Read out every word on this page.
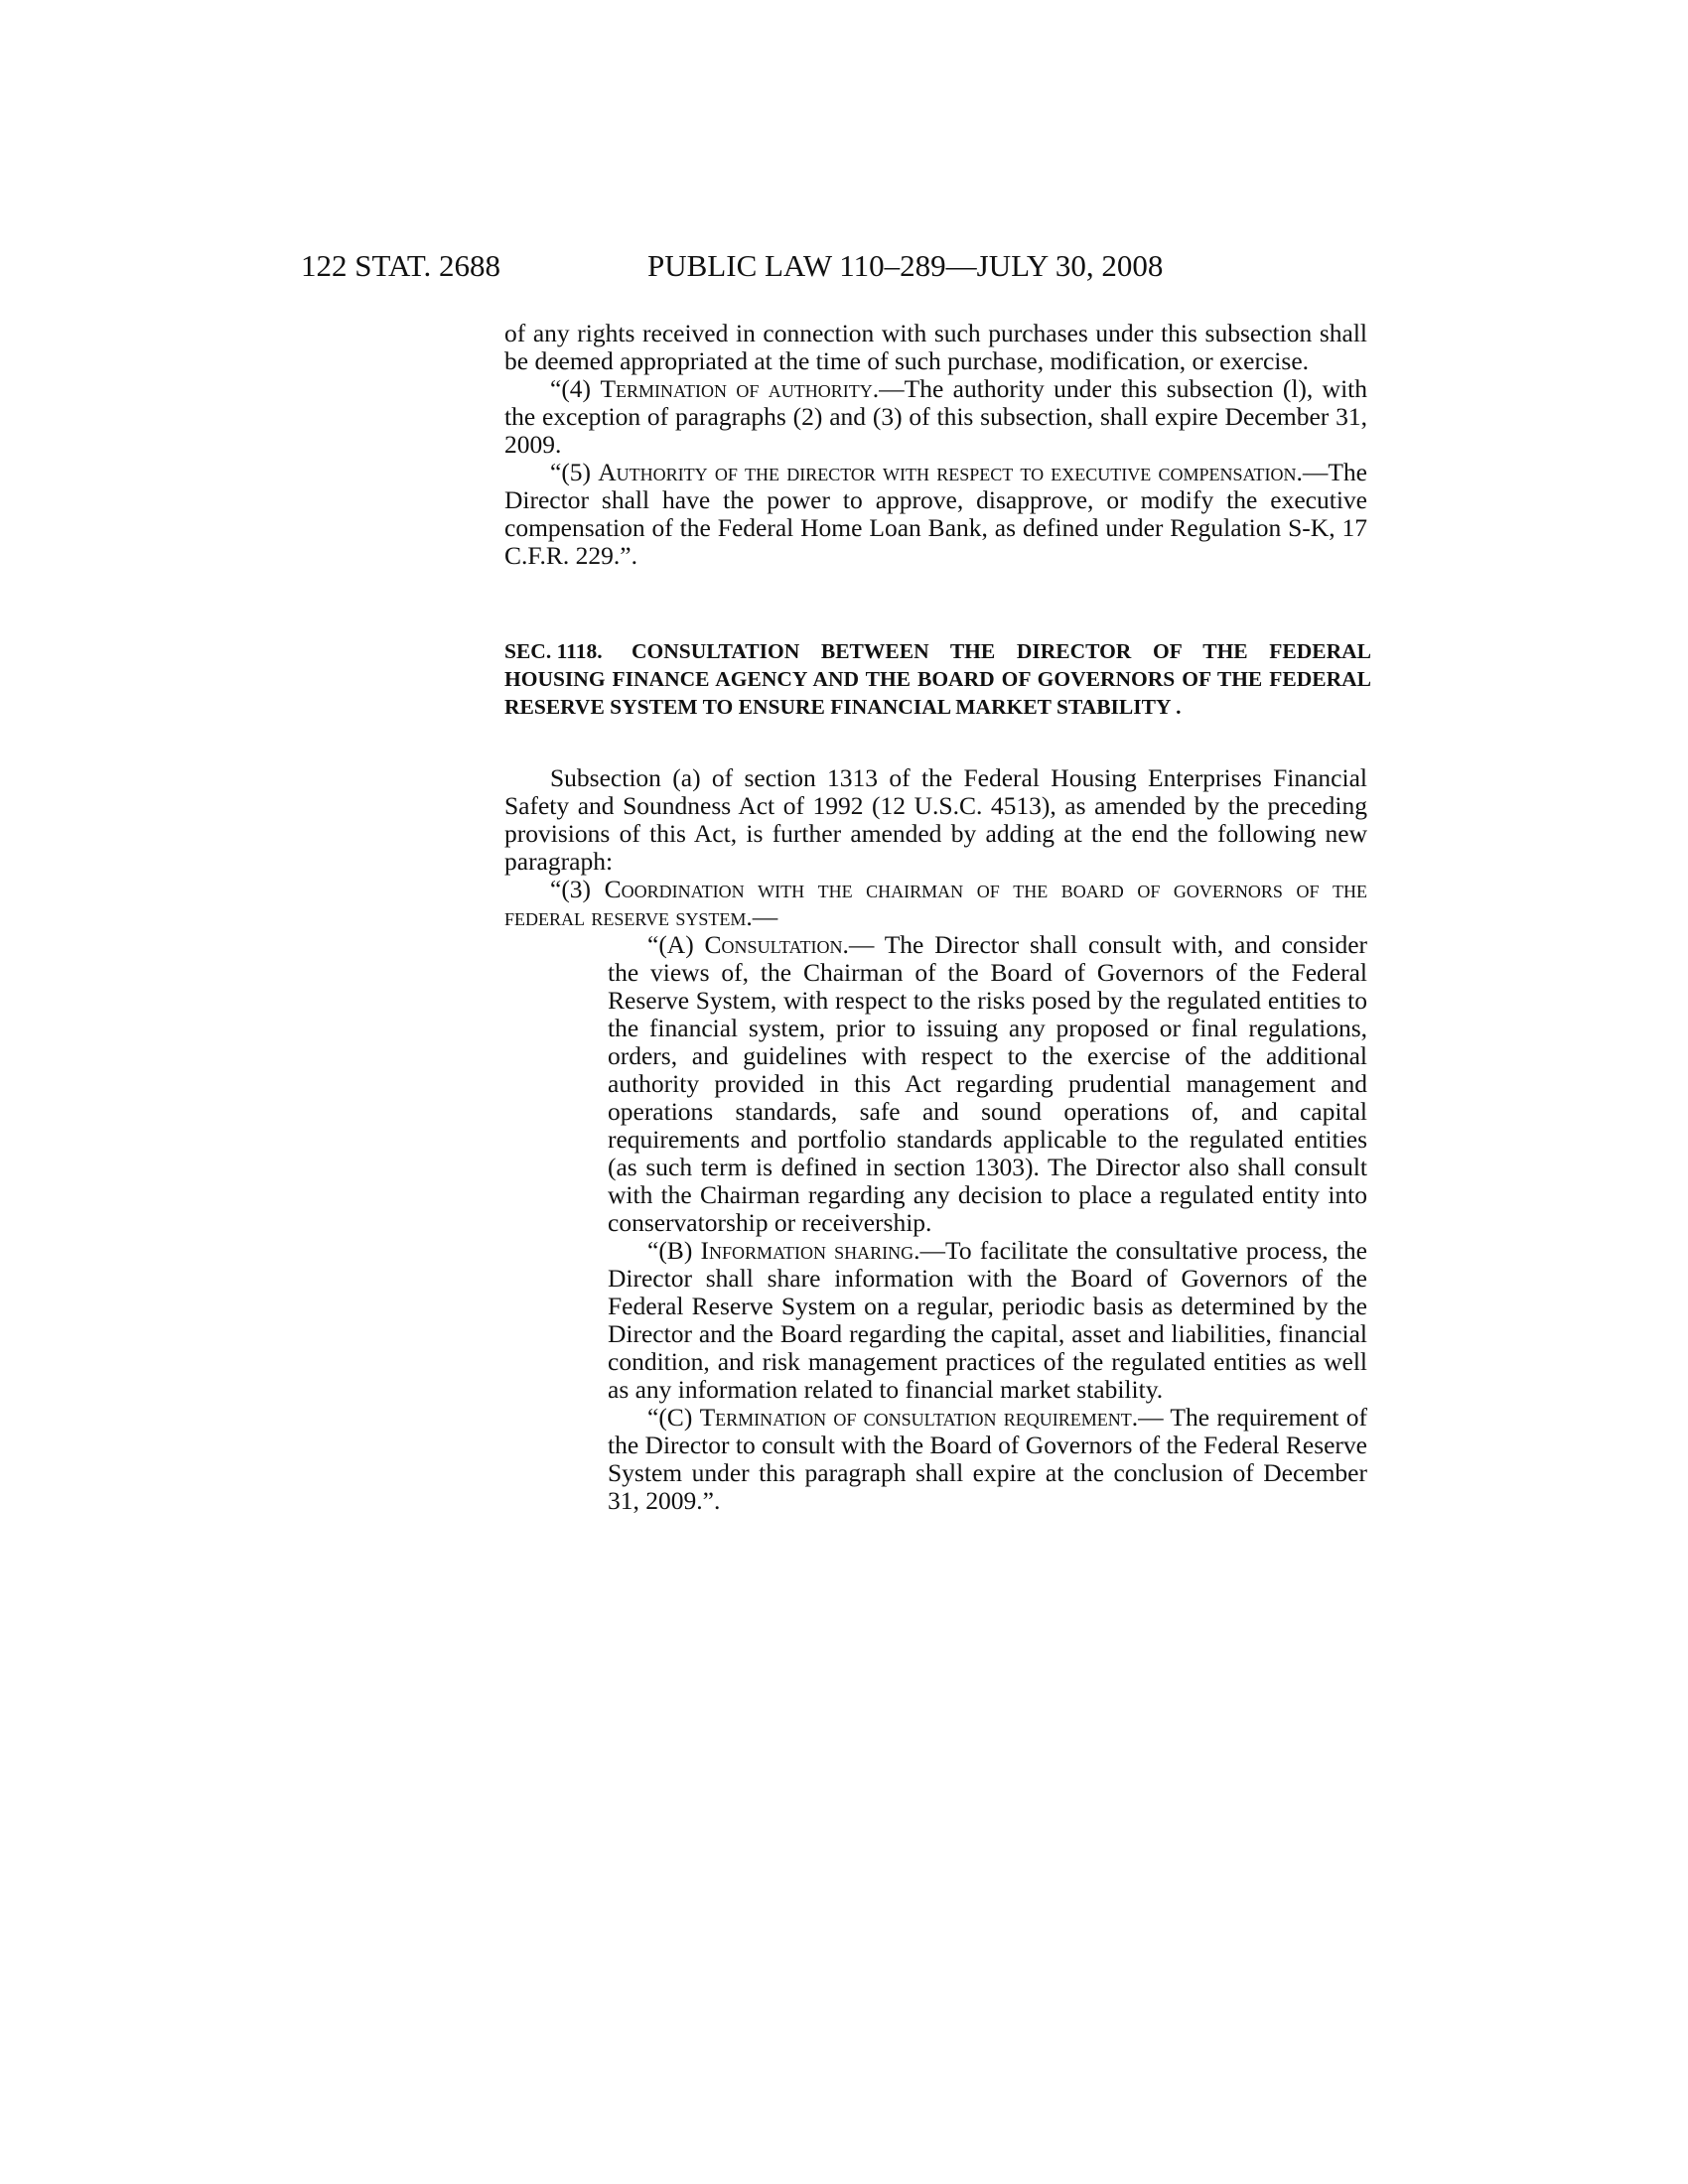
122 STAT. 2688	PUBLIC LAW 110–289—JULY 30, 2008

of any rights received in connection with such purchases under this subsection shall be deemed appropriated at the time of such purchase, modification, or exercise.

“(4) Termination of authority.—The authority under this subsection (l), with the exception of paragraphs (2) and (3) of this subsection, shall expire December 31, 2009.

“(5) Authority of the director with respect to executive compensation.—The Director shall have the power to approve, disapprove, or modify the executive compensation of the Federal Home Loan Bank, as defined under Regulation S-K, 17 C.F.R. 229.”.

SEC. 1118. CONSULTATION BETWEEN THE DIRECTOR OF THE FEDERAL HOUSING FINANCE AGENCY AND THE BOARD OF GOVERNORS OF THE FEDERAL RESERVE SYSTEM TO ENSURE FINANCIAL MARKET STABILITY .

Subsection (a) of section 1313 of the Federal Housing Enterprises Financial Safety and Soundness Act of 1992 (12 U.S.C. 4513), as amended by the preceding provisions of this Act, is further amended by adding at the end the following new paragraph:

“(3) Coordination with the chairman of the board of governors of the federal reserve system.—

“(A) Consultation.— The Director shall consult with, and consider the views of, the Chairman of the Board of Governors of the Federal Reserve System, with respect to the risks posed by the regulated entities to the financial system, prior to issuing any proposed or final regulations, orders, and guidelines with respect to the exercise of the additional authority provided in this Act regarding prudential management and operations standards, safe and sound operations of, and capital requirements and portfolio standards applicable to the regulated entities (as such term is defined in section 1303). The Director also shall consult with the Chairman regarding any decision to place a regulated entity into conservatorship or receivership.

“(B) Information sharing.—To facilitate the consultative process, the Director shall share information with the Board of Governors of the Federal Reserve System on a regular, periodic basis as determined by the Director and the Board regarding the capital, asset and liabilities, financial condition, and risk management practices of the regulated entities as well as any information related to financial market stability.

“(C) Termination of consultation requirement.— The requirement of the Director to consult with the Board of Governors of the Federal Reserve System under this paragraph shall expire at the conclusion of December 31, 2009.”.
